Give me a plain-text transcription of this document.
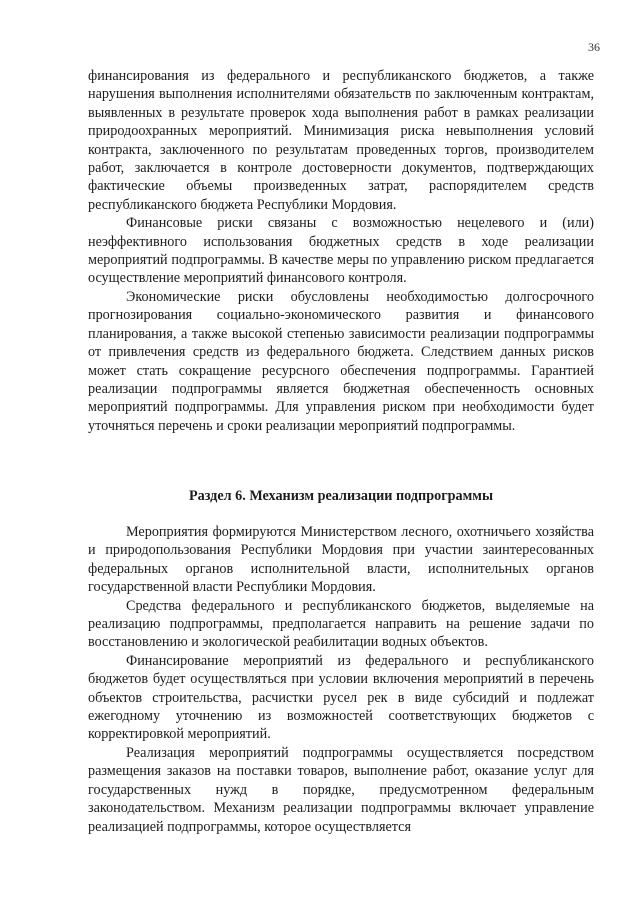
36

финансирования из федерального и республиканского бюджетов, а также нарушения выполнения исполнителями обязательств по заключенным контрактам, выявленных в результате проверок хода выполнения работ в рамках реализации природоохранных мероприятий. Минимизация риска невыполнения условий контракта, заключенного по результатам проведенных торгов, производителем работ, заключается в контроле достоверности документов, подтверждающих фактические объемы произведенных затрат, распорядителем средств республиканского бюджета Республики Мордовия.

Финансовые риски связаны с возможностью нецелевого и (или) неэффективного использования бюджетных средств в ходе реализации мероприятий подпрограммы. В качестве меры по управлению риском предлагается осуществление мероприятий финансового контроля.

Экономические риски обусловлены необходимостью долгосрочного прогнозирования социально-экономического развития и финансового планирования, а также высокой степенью зависимости реализации подпрограммы от привлечения средств из федерального бюджета. Следствием данных рисков может стать сокращение ресурсного обеспечения подпрограммы. Гарантией реализации подпрограммы является бюджетная обеспеченность основных мероприятий подпрограммы. Для управления риском при необходимости будет уточняться перечень и сроки реализации мероприятий подпрограммы.

Раздел 6. Механизм реализации подпрограммы

Мероприятия формируются Министерством лесного, охотничьего хозяйства и природопользования Республики Мордовия при участии заинтересованных федеральных органов исполнительной власти, исполнительных органов государственной власти Республики Мордовия.

Средства федерального и республиканского бюджетов, выделяемые на реализацию подпрограммы, предполагается направить на решение задачи по восстановлению и экологической реабилитации водных объектов.

Финансирование мероприятий из федерального и республиканского бюджетов будет осуществляться при условии включения мероприятий в перечень объектов строительства, расчистки русел рек в виде субсидий и подлежат ежегодному уточнению из возможностей соответствующих бюджетов с корректировкой мероприятий.

Реализация мероприятий подпрограммы осуществляется посредством размещения заказов на поставки товаров, выполнение работ, оказание услуг для государственных нужд в порядке, предусмотренном федеральным законодательством. Механизм реализации подпрограммы включает управление реализацией подпрограммы, которое осуществляется
